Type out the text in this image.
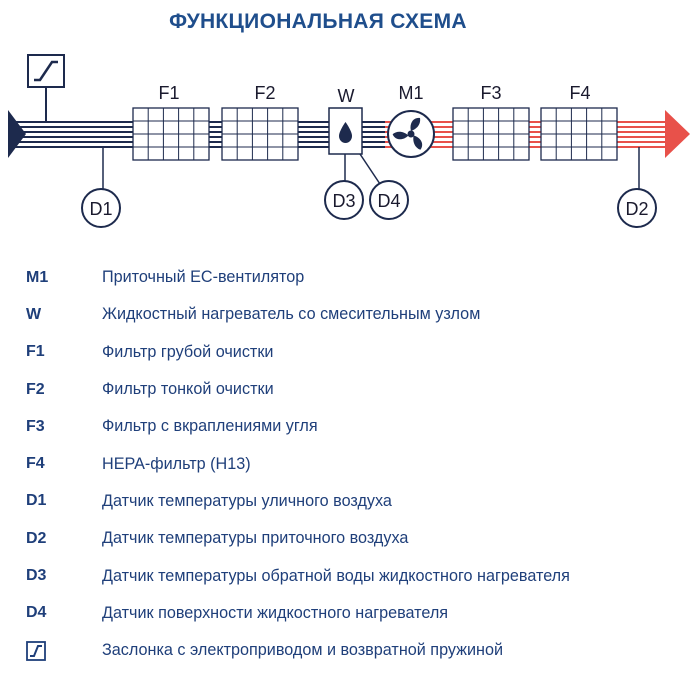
ФУНКЦИОНАЛЬНАЯ СХЕМА
F1	F2	W M1	F3	F4
D1	D3 D4	D2
M1	Приточный EC-вентилятор
W	Жидкостный нагреватель со смесительным узлом
F1	Фильтр грубой очистки
F2	Фильтр тонкой очистки
F3	Фильтр с вкраплениями угля
F4	HEPA-фильтр (H13)
D1	Датчик температуры уличного воздуха
D2	Датчик температуры приточного воздуха
D3	Датчик температуры обратной воды жидкостного нагревателя
D4	Датчик поверхности жидкостного нагревателя
Заслонка с электроприводом и возвратной пружиной
